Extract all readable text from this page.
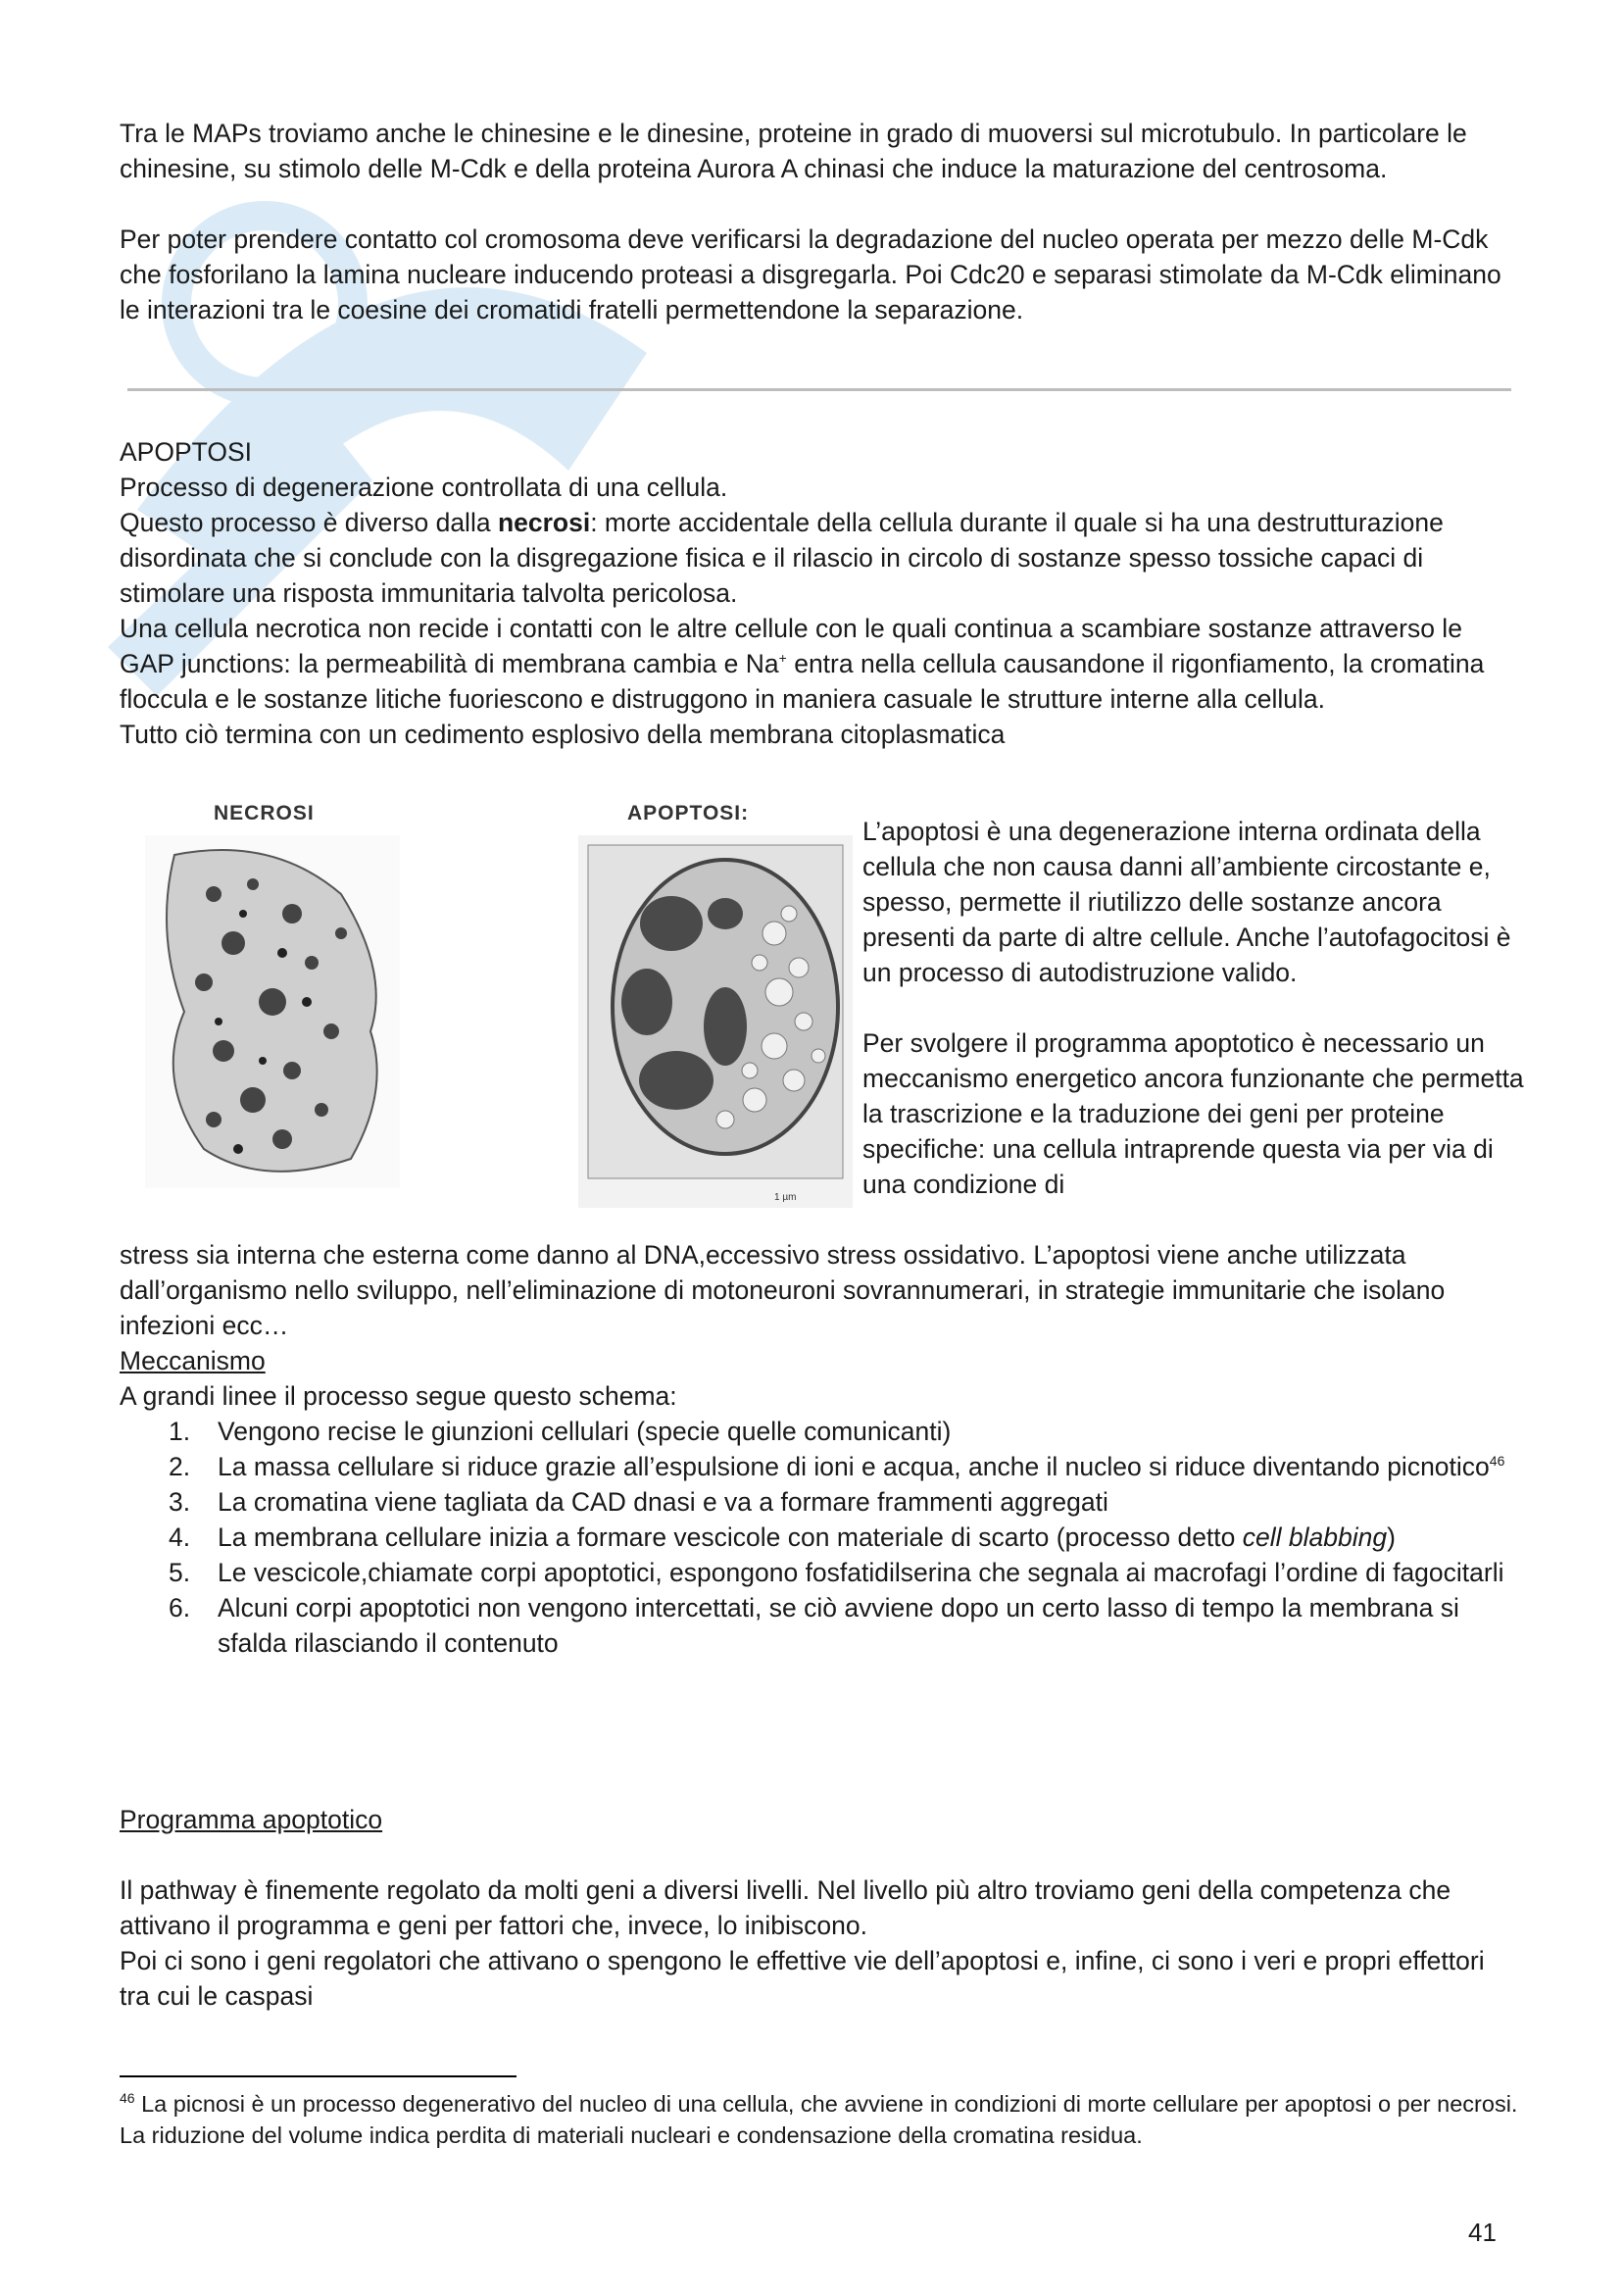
Tra le MAPs troviamo anche le chinesine e le dinesine, proteine in grado di muoversi sul microtubulo. In particolare le chinesine, su stimolo delle M-Cdk e della proteina Aurora A chinasi che induce la maturazione del centrosoma.

Per poter prendere contatto col cromosoma deve verificarsi la degradazione del nucleo operata per mezzo delle M-Cdk che fosforilano la lamina nucleare inducendo proteasi a disgregarla. Poi Cdc20 e separasi stimolate da M-Cdk eliminano le interazioni tra le coesine dei cromatidi fratelli permettendone la separazione.

APOPTOSI

Processo di degenerazione controllata di una cellula.

Questo processo è diverso dalla necrosi: morte accidentale della cellula durante il quale si ha una destrutturazione disordinata che si conclude con la disgregazione fisica e il rilascio in circolo di sostanze spesso tossiche capaci di stimolare una risposta immunitaria talvolta pericolosa.

Una cellula necrotica non recide i contatti con le altre cellule con le quali continua a scambiare sostanze attraverso le GAP junctions: la permeabilità di membrana cambia e Na+ entra nella cellula causandone il rigonfiamento, la cromatina floccula e le sostanze litiche fuoriescono e distruggono in maniera casuale le strutture interne alla cellula.

Tutto ciò termina con un cedimento esplosivo della membrana citoplasmatica

NECROSI	APOPTOSI:
1 µm

L’apoptosi è una degenerazione interna ordinata della cellula che non causa danni all’ambiente circostante e, spesso, permette il riutilizzo delle sostanze ancora presenti da parte di altre cellule. Anche l’autofagocitosi è un processo di autodistruzione valido.

Per svolgere il programma apoptotico è necessario un meccanismo energetico ancora funzionante che permetta la trascrizione e la traduzione dei geni per proteine specifiche: una cellula intraprende questa via per via di una condizione di

stress sia interna che esterna come danno al DNA,eccessivo stress ossidativo. L’apoptosi viene anche utilizzata dall’organismo nello sviluppo, nell’eliminazione di motoneuroni sovrannumerari, in strategie immunitarie che isolano infezioni ecc…

Meccanismo

A grandi linee il processo segue questo schema:

1. Vengono recise le giunzioni cellulari (specie quelle comunicanti)
2. La massa cellulare si riduce grazie all’espulsione di ioni e acqua, anche il nucleo si riduce diventando picnotico$^{46}$
3. La cromatina viene tagliata da CAD dnasi e va a formare frammenti aggregati
4. La membrana cellulare inizia a formare vescicole con materiale di scarto (processo detto cell blabbing)
5. Le vescicole,chiamate corpi apoptotici, espongono fosfatidilserina che segnala ai macrofagi l’ordine di fagocitarli
6. Alcuni corpi apoptotici non vengono intercettati, se ciò avviene dopo un certo lasso di tempo la membrana si sfalda rilasciando il contenuto

Programma apoptotico

Il pathway è finemente regolato da molti geni a diversi livelli. Nel livello più altro troviamo geni della competenza che attivano il programma e geni per fattori che, invece, lo inibiscono.

Poi ci sono i geni regolatori che attivano o spengono le effettive vie dell’apoptosi e, infine, ci sono i veri e propri effettori tra cui le caspasi

$^{46}$ La picnosi è un processo degenerativo del nucleo di una cellula, che avviene in condizioni di morte cellulare per apoptosi o per necrosi. La riduzione del volume indica perdita di materiali nucleari e condensazione della cromatina residua.
41
